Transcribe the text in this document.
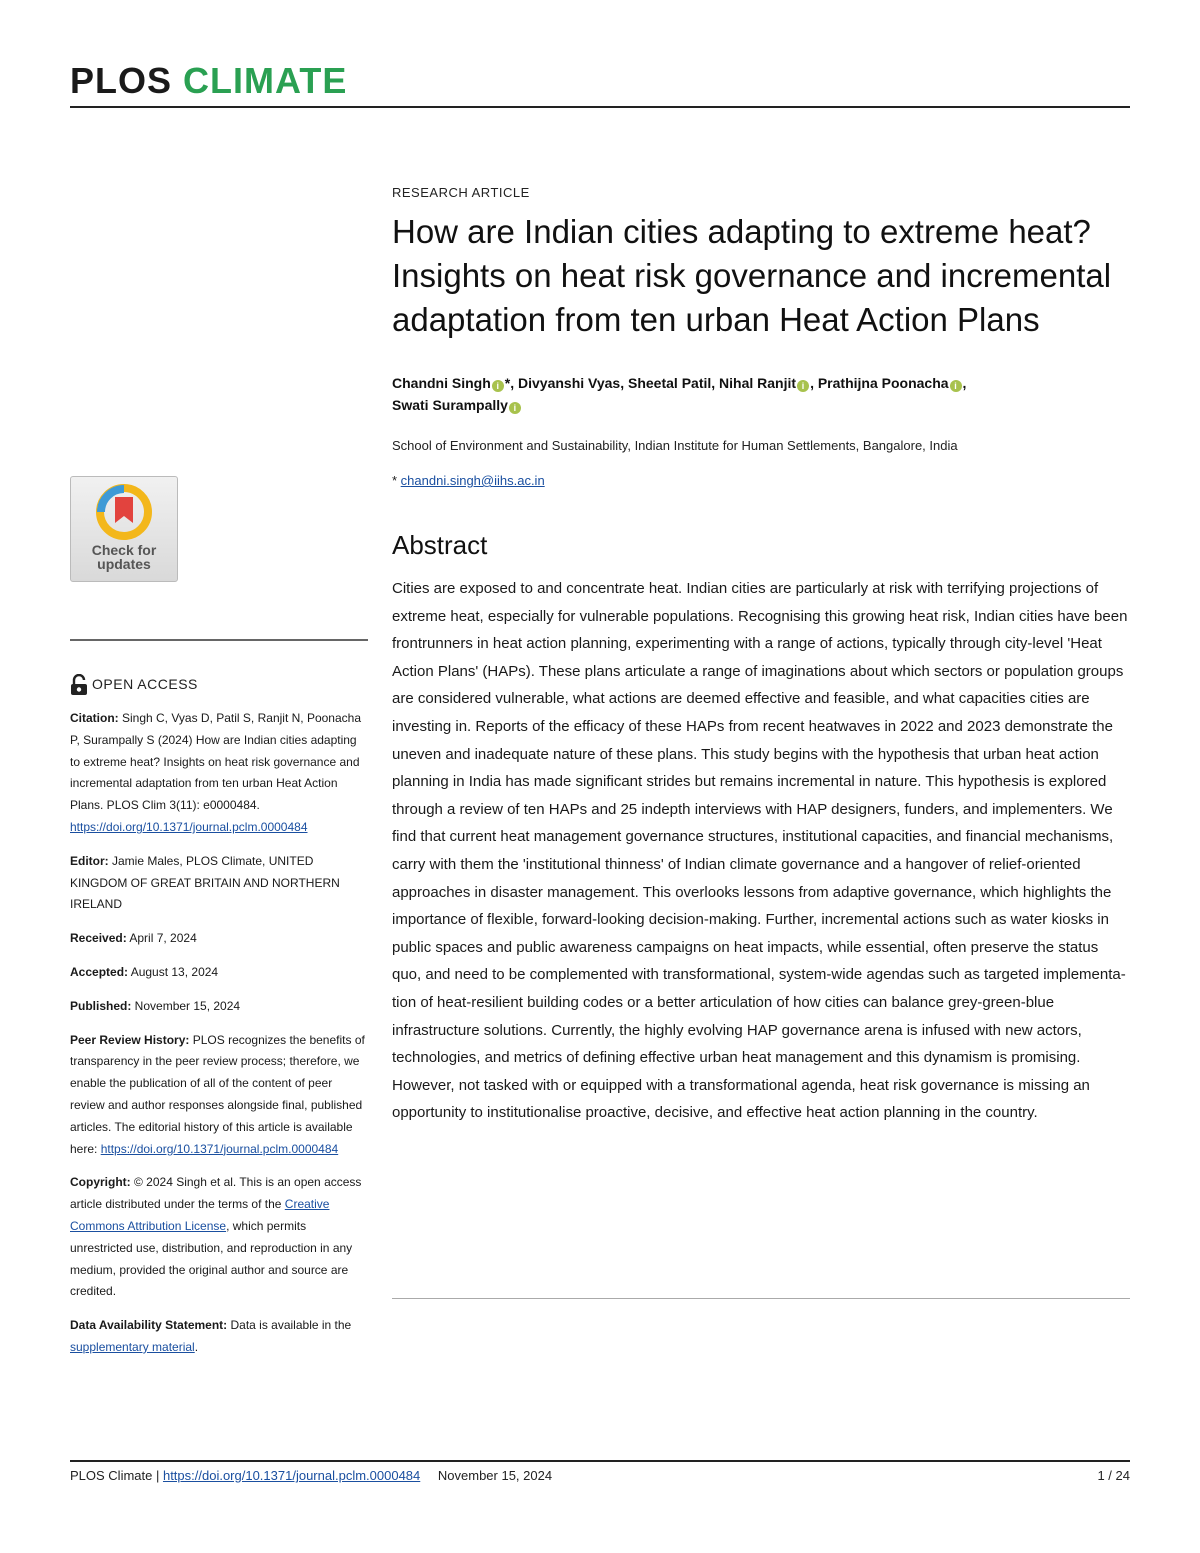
PLOS CLIMATE
Check for
updates
OPEN ACCESS

Citation: Singh C, Vyas D, Patil S, Ranjit N, Poonacha P, Surampally S (2024) How are Indian cities adapting to extreme heat? Insights on heat risk governance and incremental adaptation from ten urban Heat Action Plans. PLOS Clim 3(11): e0000484. https://doi.org/10.1371/journal.pclm.0000484

Editor: Jamie Males, PLOS Climate, UNITED KINGDOM OF GREAT BRITAIN AND NORTHERN IRELAND

Received: April 7, 2024

Accepted: August 13, 2024

Published: November 15, 2024

Peer Review History: PLOS recognizes the benefits of transparency in the peer review process; therefore, we enable the publication of all of the content of peer review and author responses alongside final, published articles. The editorial history of this article is available here: https://doi.org/10.1371/journal.pclm.0000484

Copyright: © 2024 Singh et al. This is an open access article distributed under the terms of the Creative Commons Attribution License, which permits unrestricted use, distribution, and reproduction in any medium, provided the original author and source are credited.

Data Availability Statement: Data is available in the supplementary material.

RESEARCH ARTICLE
How are Indian cities adapting to extreme heat? Insights on heat risk governance and incremental adaptation from ten urban Heat Action Plans
Chandni Singh i *, Divyanshi Vyas, Sheetal Patil, Nihal Ranjit i , Prathijna Poonacha i ,
Swati Surampally i
School of Environment and Sustainability, Indian Institute for Human Settlements, Bangalore, India
* chandni.singh@iihs.ac.in
Abstract
Cities are exposed to and concentrate heat. Indian cities are particularly at risk with terrifying projections of extreme heat, especially for vulnerable populations. Recognising this growing heat risk, Indian cities have been frontrunners in heat action planning, experimenting with a range of actions, typically through city-level 'Heat Action Plans' (HAPs). These plans articulate a range of imaginations about which sectors or population groups are considered vulnerable, what actions are deemed effective and feasible, and what capacities cities are investing in. Reports of the efficacy of these HAPs from recent heatwaves in 2022 and 2023 demonstrate the uneven and inadequate nature of these plans. This study begins with the hypothesis that urban heat action planning in India has made significant strides but remains incremental in nature. This hypothesis is explored through a review of ten HAPs and 25 indepth interviews with HAP designers, funders, and implementers. We find that current heat management governance structures, institutional capacities, and financial mechanisms, carry with them the 'institutional thinness' of Indian climate governance and a hangover of relief-oriented approaches in disaster management. This overlooks lessons from adaptive governance, which highlights the importance of flexible, forward-looking decision-making. Further, incremental actions such as water kiosks in public spaces and public awareness campaigns on heat impacts, while essential, often preserve the status quo, and need to be complemented with transformational, system-wide agendas such as targeted implementation of heat-resilient building codes or a better articulation of how cities can balance grey-green-blue infrastructure solutions. Currently, the highly evolving HAP governance arena is infused with new actors, technologies, and metrics of defining effective urban heat management and this dynamism is promising. However, not tasked with or equipped with a transformational agenda, heat risk governance is missing an opportunity to institutionalise proactive, decisive, and effective heat action planning in the country.
PLOS Climate | https://doi.org/10.1371/journal.pclm.0000484 November 15, 2024	1 / 24
